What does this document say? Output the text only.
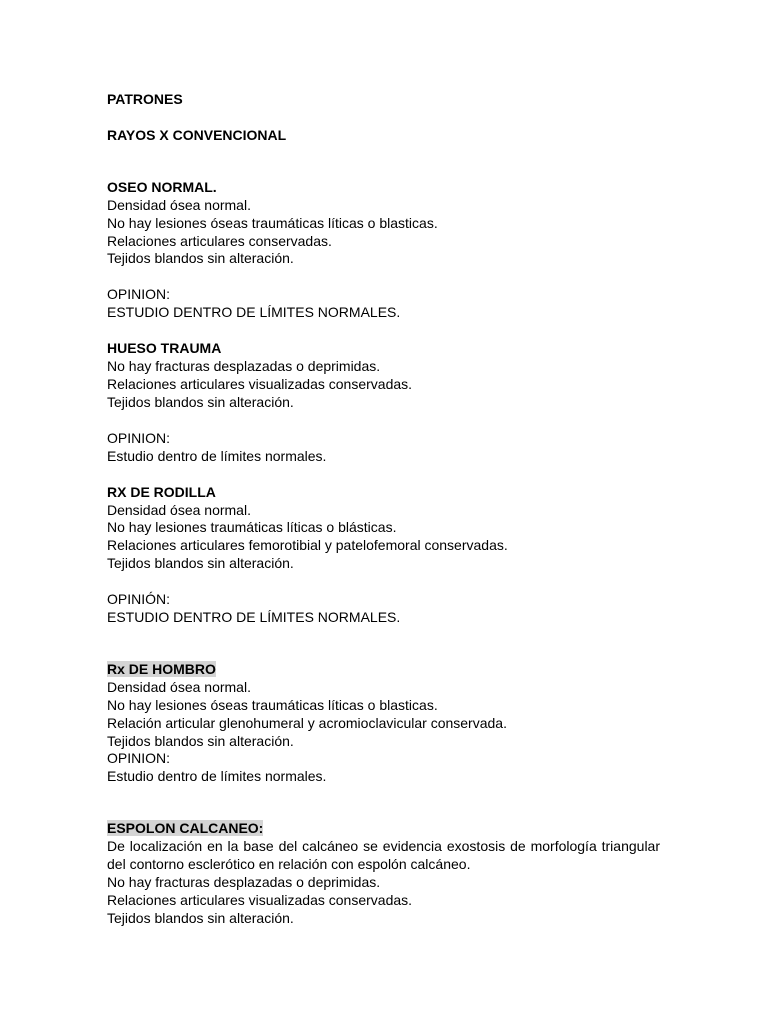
PATRONES
RAYOS X CONVENCIONAL
OSEO NORMAL.
Densidad ósea normal.
No hay lesiones óseas traumáticas líticas o blasticas.
Relaciones articulares conservadas.
Tejidos blandos sin alteración.
OPINION:
ESTUDIO DENTRO DE LÍMITES NORMALES.
HUESO TRAUMA
No hay fracturas desplazadas o deprimidas.
Relaciones articulares visualizadas conservadas.
Tejidos blandos sin alteración.
OPINION:
Estudio dentro de límites normales.
RX DE RODILLA
Densidad ósea normal.
No hay lesiones traumáticas líticas o blásticas.
Relaciones articulares femorotibial y patelofemoral conservadas.
Tejidos blandos sin alteración.
OPINIÓN:
ESTUDIO DENTRO DE LÍMITES NORMALES.
Rx DE HOMBRO
Densidad ósea normal.
No hay lesiones óseas traumáticas líticas o blasticas.
Relación articular glenohumeral y acromioclavicular conservada.
Tejidos blandos sin alteración.
OPINION:
Estudio dentro de límites normales.
ESPOLON CALCANEO:
De localización en la base del calcáneo se evidencia exostosis de morfología triangular del contorno esclerótico en relación con espolón calcáneo.
No hay fracturas desplazadas o deprimidas.
Relaciones articulares visualizadas conservadas.
Tejidos blandos sin alteración.
